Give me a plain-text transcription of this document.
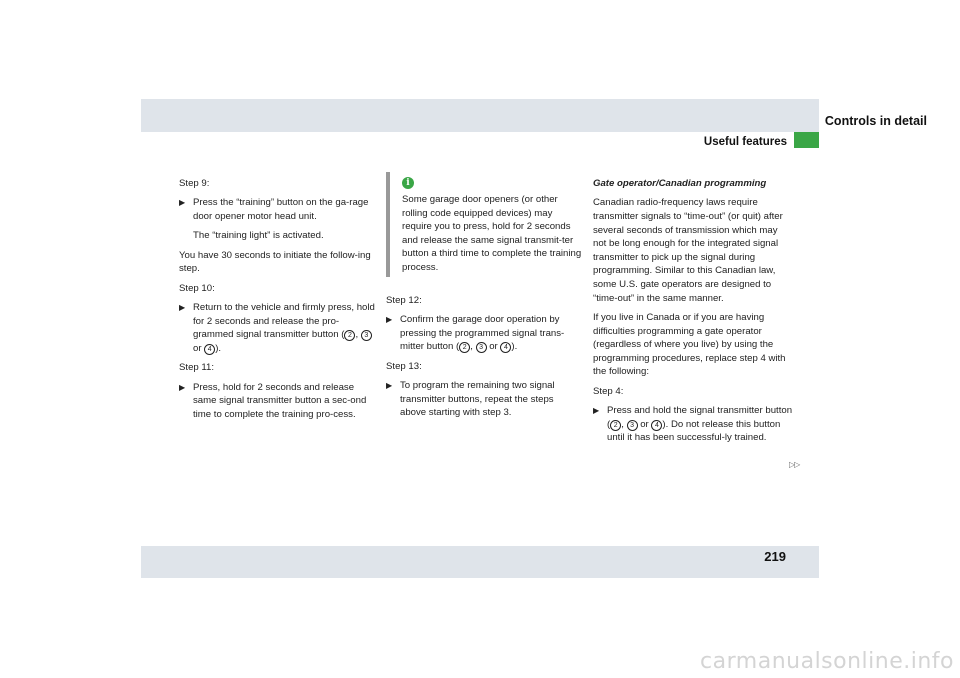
Controls in detail
Useful features

Step 9:

▶ Press the “training” button on the ga-rage door opener motor head unit.

The “training light” is activated.

You have 30 seconds to initiate the follow-ing step.

Step 10:

▶ Return to the vehicle and firmly press, hold for 2 seconds and release the pro-grammed signal transmitter button ( 2 , 3 or 4 ).

Step 11:

▶ Press, hold for 2 seconds and release same signal transmitter button a sec-ond time to complete the training pro-cess.

i
Some garage door openers (or other rolling code equipped devices) may require you to press, hold for 2 seconds and release the same signal transmit-ter button a third time to complete the training process.

Step 12:

▶ Confirm the garage door operation by pressing the programmed signal trans-mitter button ( 2 , 3 or 4 ).

Step 13:

▶ To program the remaining two signal transmitter buttons, repeat the steps above starting with step 3.

Gate operator/Canadian programming

Canadian radio-frequency laws require transmitter signals to “time-out” (or quit) after several seconds of transmission which may not be long enough for the integrated signal transmitter to pick up the signal during programming. Similar to this Canadian law, some U.S. gate operators are designed to “time-out” in the same manner.

If you live in Canada or if you are having difficulties programming a gate operator (regardless of where you live) by using the programming procedures, replace step 4 with the following:

Step 4:

▶ Press and hold the signal transmitter button ( 2 , 3 or 4 ). Do not release this button until it has been successful-ly trained.

▷▷
219
carmanualsonline.info
